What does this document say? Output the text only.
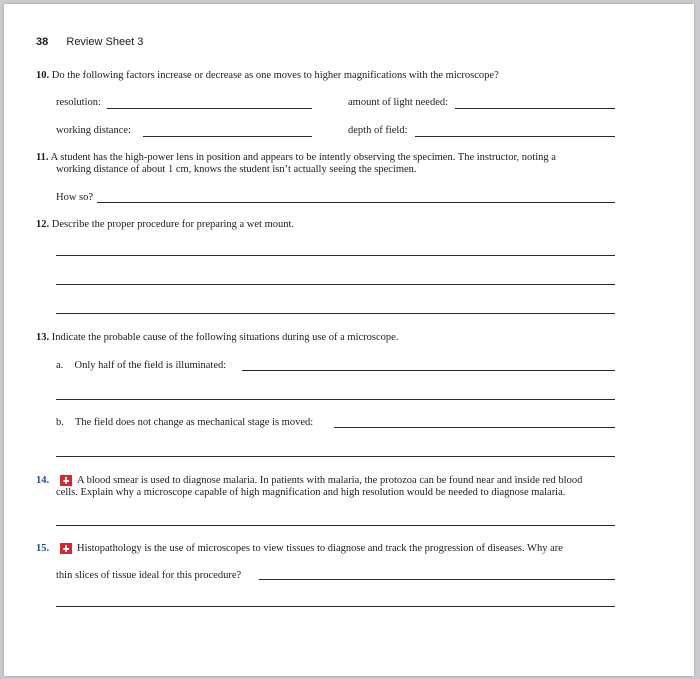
38 Review Sheet 3
10. Do the following factors increase or decrease as one moves to higher magnifications with the microscope?
resolution:	amount of light needed:
working distance:	depth of field:
11. A student has the high-power lens in position and appears to be intently observing the specimen. The instructor, noting a
working distance of about 1 cm, knows the student isn’t actually seeing the specimen.
How so?
12. Describe the proper procedure for preparing a wet mount.
13. Indicate the probable cause of the following situations during use of a microscope.
a. Only half of the field is illuminated:
b. The field does not change as mechanical stage is moved:
14.	A blood smear is used to diagnose malaria. In patients with malaria, the protozoa can be found near and inside red blood
cells. Explain why a microscope capable of high magnification and high resolution would be needed to diagnose malaria.
15.	Histopathology is the use of microscopes to view tissues to diagnose and track the progression of diseases. Why are
thin slices of tissue ideal for this procedure?
